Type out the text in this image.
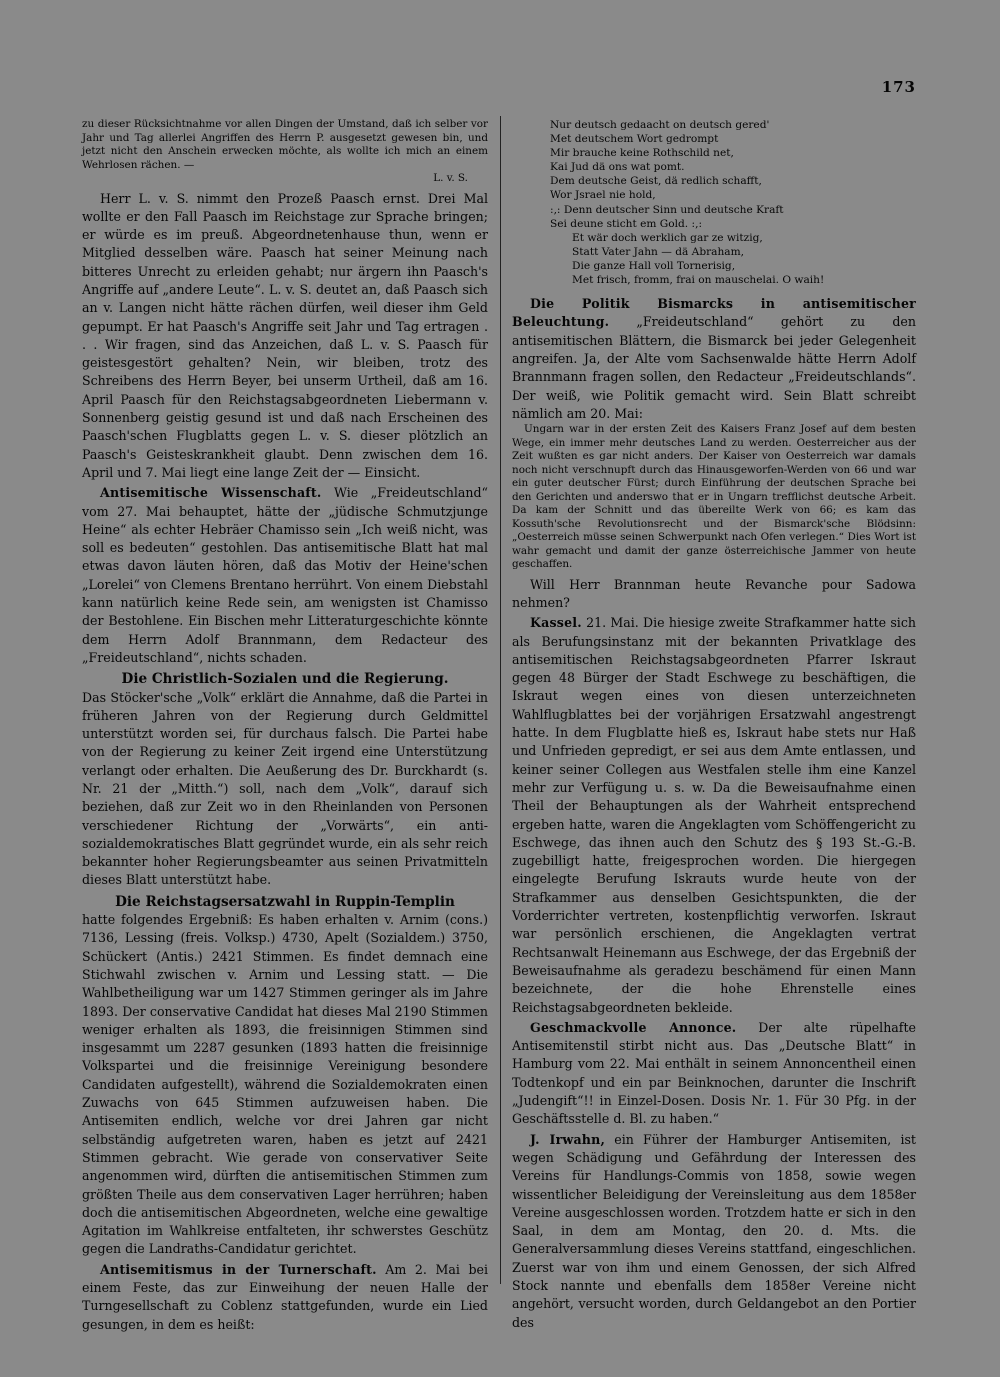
173

zu dieser Rücksichtnahme vor allen Dingen der Umstand, daß ich selber vor Jahr und Tag allerlei Angriffen des Herrn P. ausgesetzt gewesen bin, und jetzt nicht den Anschein erwecken möchte, als wollte ich mich an einem Wehrlosen rächen. —
L. v. S.

Herr L. v. S. nimmt den Prozeß Paasch ernst. Drei Mal wollte er den Fall Paasch im Reichstage zur Sprache bringen; er würde es im preuß. Abgeordnetenhause thun, wenn er Mitglied desselben wäre. Paasch hat seiner Meinung nach bitteres Unrecht zu erleiden gehabt; nur ärgern ihn Paasch's Angriffe auf „andere Leute“. L. v. S. deutet an, daß Paasch sich an v. Langen nicht hätte rächen dürfen, weil dieser ihm Geld gepumpt. Er hat Paasch's Angriffe seit Jahr und Tag ertragen . . . Wir fragen, sind das Anzeichen, daß L. v. S. Paasch für geistesgestört gehalten? Nein, wir bleiben, trotz des Schreibens des Herrn Beyer, bei unserm Urtheil, daß am 16. April Paasch für den Reichstagsabgeordneten Liebermann v. Sonnenberg geistig gesund ist und daß nach Erscheinen des Paasch'schen Flugblatts gegen L. v. S. dieser plötzlich an Paasch's Geisteskrankheit glaubt. Denn zwischen dem 16. April und 7. Mai liegt eine lange Zeit der — Einsicht.

Antisemitische Wissenschaft. Wie „Freideutschland“ vom 27. Mai behauptet, hätte der „jüdische Schmutzjunge Heine“ als echter Hebräer Chamisso sein „Ich weiß nicht, was soll es bedeuten“ gestohlen. Das antisemitische Blatt hat mal etwas davon läuten hören, daß das Motiv der Heine'schen „Lorelei“ von Clemens Brentano herrührt. Von einem Diebstahl kann natürlich keine Rede sein, am wenigsten ist Chamisso der Bestohlene. Ein Bischen mehr Litteraturgeschichte könnte dem Herrn Adolf Brannmann, dem Redacteur des „Freideutschland“, nichts schaden.

Die Christlich-Sozialen und die Regierung.

Das Stöcker'sche „Volk“ erklärt die Annahme, daß die Partei in früheren Jahren von der Regierung durch Geldmittel unterstützt worden sei, für durchaus falsch. Die Partei habe von der Regierung zu keiner Zeit irgend eine Unterstützung verlangt oder erhalten. Die Aeußerung des Dr. Burckhardt (s. Nr. 21 der „Mitth.“) soll, nach dem „Volk“, darauf sich beziehen, daß zur Zeit wo in den Rheinlanden von Personen verschiedener Richtung der „Vorwärts“, ein anti-sozialdemokratisches Blatt gegründet wurde, ein als sehr reich bekannter hoher Regierungsbeamter aus seinen Privatmitteln dieses Blatt unterstützt habe.

Die Reichstagsersatzwahl in Ruppin-Templin

hatte folgendes Ergebniß: Es haben erhalten v. Arnim (cons.) 7136, Lessing (freis. Volksp.) 4730, Apelt (Sozialdem.) 3750, Schückert (Antis.) 2421 Stimmen. Es findet demnach eine Stichwahl zwischen v. Arnim und Lessing statt. — Die Wahlbetheiligung war um 1427 Stimmen geringer als im Jahre 1893. Der conservative Candidat hat dieses Mal 2190 Stimmen weniger erhalten als 1893, die freisinnigen Stimmen sind insgesammt um 2287 gesunken (1893 hatten die freisinnige Volkspartei und die freisinnige Vereinigung besondere Candidaten aufgestellt), während die Sozialdemokraten einen Zuwachs von 645 Stimmen aufzuweisen haben. Die Antisemiten endlich, welche vor drei Jahren gar nicht selbständig aufgetreten waren, haben es jetzt auf 2421 Stimmen gebracht. Wie gerade von conservativer Seite angenommen wird, dürften die antisemitischen Stimmen zum größten Theile aus dem conservativen Lager herrühren; haben doch die antisemitischen Abgeordneten, welche eine gewaltige Agitation im Wahlkreise entfalteten, ihr schwerstes Geschütz gegen die Landraths-Candidatur gerichtet.

Antisemitismus in der Turnerschaft. Am 2. Mai bei einem Feste, das zur Einweihung der neuen Halle der Turngesellschaft zu Coblenz stattgefunden, wurde ein Lied gesungen, in dem es heißt:

Nur deutsch gedaacht on deutsch gered'
Met deutschem Wort gedrompt
Mir brauche keine Rothschild net,
Kai Jud dä ons wat pomt.
Dem deutsche Geist, dä redlich schafft,
Wor Jsrael nie hold,
:,: Denn deutscher Sinn und deutsche Kraft
Sei deune sticht em Gold. :,:
Et wär doch werklich gar ze witzig,
Statt Vater Jahn — dä Abraham,
Die ganze Hall voll Tornerisig,
Met frisch, fromm, frai on mauschelai. O waih!

Die Politik Bismarcks in antisemitischer Beleuchtung. „Freideutschland“ gehört zu den antisemitischen Blättern, die Bismarck bei jeder Gelegenheit angreifen. Ja, der Alte vom Sachsenwalde hätte Herrn Adolf Brannmann fragen sollen, den Redacteur „Freideutschlands“. Der weiß, wie Politik gemacht wird. Sein Blatt schreibt nämlich am 20. Mai:

Ungarn war in der ersten Zeit des Kaisers Franz Josef auf dem besten Wege, ein immer mehr deutsches Land zu werden. Oesterreicher aus der Zeit wußten es gar nicht anders. Der Kaiser von Oesterreich war damals noch nicht verschnupft durch das Hinausgeworfen-Werden von 66 und war ein guter deutscher Fürst; durch Einführung der deutschen Sprache bei den Gerichten und anderswo that er in Ungarn trefflichst deutsche Arbeit. Da kam der Schnitt und das übereilte Werk von 66; es kam das Kossuth'sche Revolutionsrecht und der Bismarck'sche Blödsinn: „Oesterreich müsse seinen Schwerpunkt nach Ofen verlegen.“ Dies Wort ist wahr gemacht und damit der ganze österreichische Jammer von heute geschaffen.

Will Herr Brannman heute Revanche pour Sadowa nehmen?

Kassel. 21. Mai. Die hiesige zweite Strafkammer hatte sich als Berufungsinstanz mit der bekannten Privatklage des antisemitischen Reichstagsabgeordneten Pfarrer Iskraut gegen 48 Bürger der Stadt Eschwege zu beschäftigen, die Iskraut wegen eines von diesen unterzeichneten Wahlflugblattes bei der vorjährigen Ersatzwahl angestrengt hatte. In dem Flugblatte hieß es, Iskraut habe stets nur Haß und Unfrieden gepredigt, er sei aus dem Amte entlassen, und keiner seiner Collegen aus Westfalen stelle ihm eine Kanzel mehr zur Verfügung u. s. w. Da die Beweisaufnahme einen Theil der Behauptungen als der Wahrheit entsprechend ergeben hatte, waren die Angeklagten vom Schöffengericht zu Eschwege, das ihnen auch den Schutz des § 193 St.-G.-B. zugebilligt hatte, freigesprochen worden. Die hiergegen eingelegte Berufung Iskrauts wurde heute von der Strafkammer aus denselben Gesichtspunkten, die der Vorderrichter vertreten, kostenpflichtig verworfen. Iskraut war persönlich erschienen, die Angeklagten vertrat Rechtsanwalt Heinemann aus Eschwege, der das Ergebniß der Beweisaufnahme als geradezu beschämend für einen Mann bezeichnete, der die hohe Ehrenstelle eines Reichstagsabgeordneten bekleide.

Geschmackvolle Annonce. Der alte rüpelhafte Antisemitenstil stirbt nicht aus. Das „Deutsche Blatt“ in Hamburg vom 22. Mai enthält in seinem Annoncentheil einen Todtenkopf und ein par Beinknochen, darunter die Inschrift „Judengift“!! in Einzel-Dosen. Dosis Nr. 1. Für 30 Pfg. in der Geschäftsstelle d. Bl. zu haben.“

J. Irwahn, ein Führer der Hamburger Antisemiten, ist wegen Schädigung und Gefährdung der Interessen des Vereins für Handlungs-Commis von 1858, sowie wegen wissentlicher Beleidigung der Vereinsleitung aus dem 1858er Vereine ausgeschlossen worden. Trotzdem hatte er sich in den Saal, in dem am Montag, den 20. d. Mts. die Generalversammlung dieses Vereins stattfand, eingeschlichen. Zuerst war von ihm und einem Genossen, der sich Alfred Stock nannte und ebenfalls dem 1858er Vereine nicht angehört, versucht worden, durch Geldangebot an den Portier des
